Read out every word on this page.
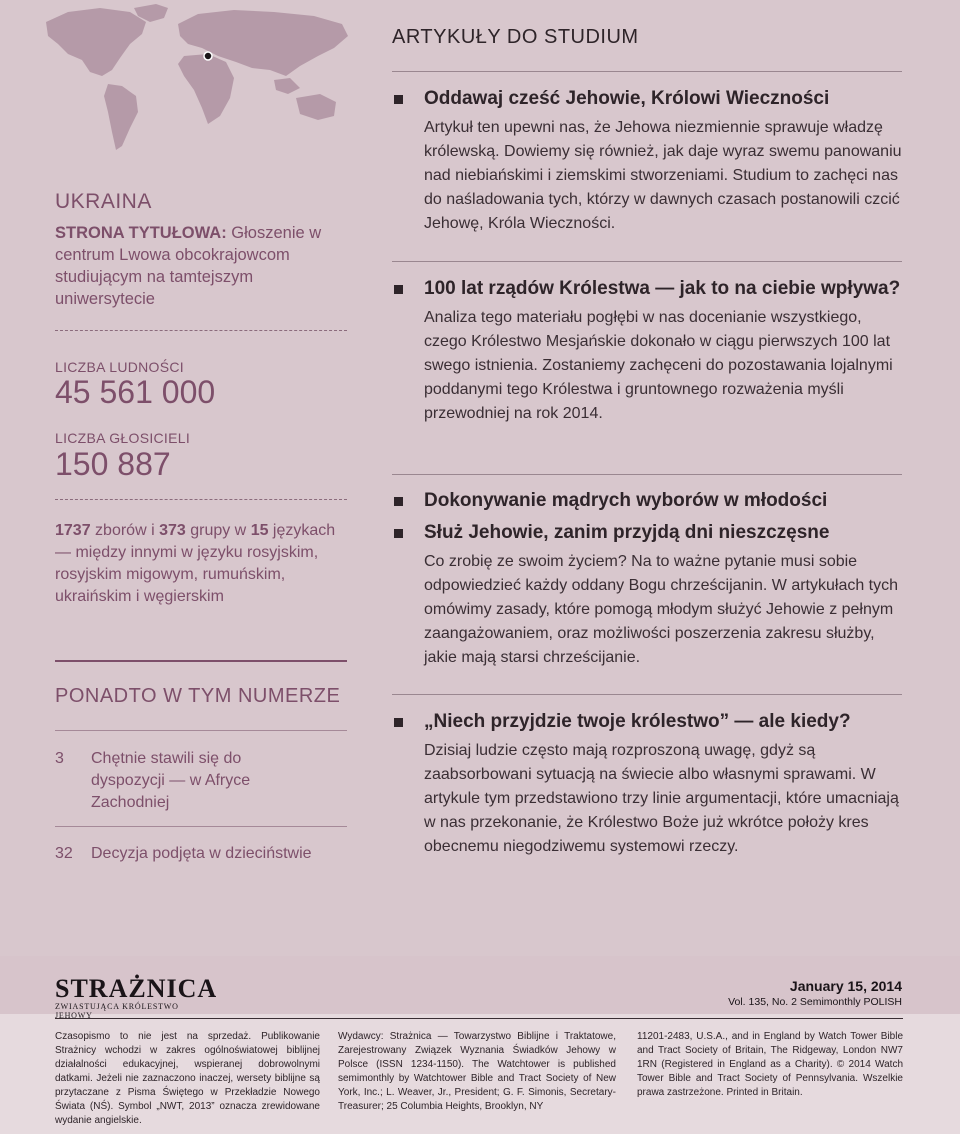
UKRAINA
STRONA TYTUŁOWA: Głoszenie w centrum Lwowa obcokrajowcom studiującym na tamtejszym uniwersytecie
LICZBA LUDNOŚCI
45 561 000
LICZBA GŁOSICIELI
150 887
1737 zborów i 373 grupy w 15 językach — między innymi w języku rosyjskim, rosyjskim migowym, rumuńskim, ukraińskim i węgierskim
PONADTO W TYM NUMERZE
3	Chętnie stawili się do dyspozycji — w Afryce Zachodniej
32	Decyzja podjęta w dzieciństwie
ARTYKUŁY DO STUDIUM
Oddawaj cześć Jehowie, Królowi Wieczności

Artykuł ten upewni nas, że Jehowa niezmiennie sprawuje władzę królewską. Dowiemy się również, jak daje wyraz swemu panowaniu nad niebiańskimi i ziemskimi stworzeniami. Studium to zachęci nas do naśladowania tych, którzy w dawnych czasach postanowili czcić Jehowę, Króla Wieczności.

100 lat rządów Królestwa — jak to na ciebie wpływa?

Analiza tego materiału pogłębi w nas docenianie wszystkiego, czego Królestwo Mesjańskie dokonało w ciągu pierwszych 100 lat swego istnienia. Zostaniemy zachęceni do pozostawania lojalnymi poddanymi tego Królestwa i gruntownego rozważenia myśli przewodniej na rok 2014.

Dokonywanie mądrych wyborów w młodości
Służ Jehowie, zanim przyjdą dni nieszczęsne

Co zrobię ze swoim życiem? Na to ważne pytanie musi sobie odpowiedzieć każdy oddany Bogu chrześcijanin. W artykułach tych omówimy zasady, które pomogą młodym służyć Jehowie z pełnym zaangażowaniem, oraz możliwości poszerzenia zakresu służby, jakie mają starsi chrześcijanie.

„Niech przyjdzie twoje królestwo” — ale kiedy?

Dzisiaj ludzie często mają rozproszoną uwagę, gdyż są zaabsorbowani sytuacją na świecie albo własnymi sprawami. W artykule tym przedstawiono trzy linie argumentacji, które umacniają w nas przekonanie, że Królestwo Boże już wkrótce położy kres obecnemu niegodziwemu systemowi rzeczy.

STRAŻNICA
ZWIASTUJĄCA KRÓLESTWO JEHOWY
January 15, 2014
Vol. 135, No. 2 Semimonthly POLISH
Czasopismo to nie jest na sprzedaż. Publikowanie Strażnicy wchodzi w zakres ogólnoświatowej biblijnej działalności edukacyjnej, wspieranej dobrowolnymi datkami. Jeżeli nie zaznaczono inaczej, wersety biblijne są przytaczane z Pisma Świętego w Przekładzie Nowego Świata (NŚ). Symbol „NWT, 2013” oznacza zrewidowane wydanie angielskie.
Wydawcy: Strażnica — Towarzystwo Biblijne i Traktatowe, Zarejestrowany Związek Wyznania Świadków Jehowy w Polsce (ISSN 1234-1150). The Watchtower is published semimonthly by Watchtower Bible and Tract Society of New York, Inc.; L. Weaver, Jr., President; G. F. Simonis, Secretary-Treasurer; 25 Columbia Heights, Brooklyn, NY
11201-2483, U.S.A., and in England by Watch Tower Bible and Tract Society of Britain, The Ridgeway, London NW7 1RN (Registered in England as a Charity). © 2014 Watch Tower Bible and Tract Society of Pennsylvania. Wszelkie prawa zastrzeżone. Printed in Britain.
